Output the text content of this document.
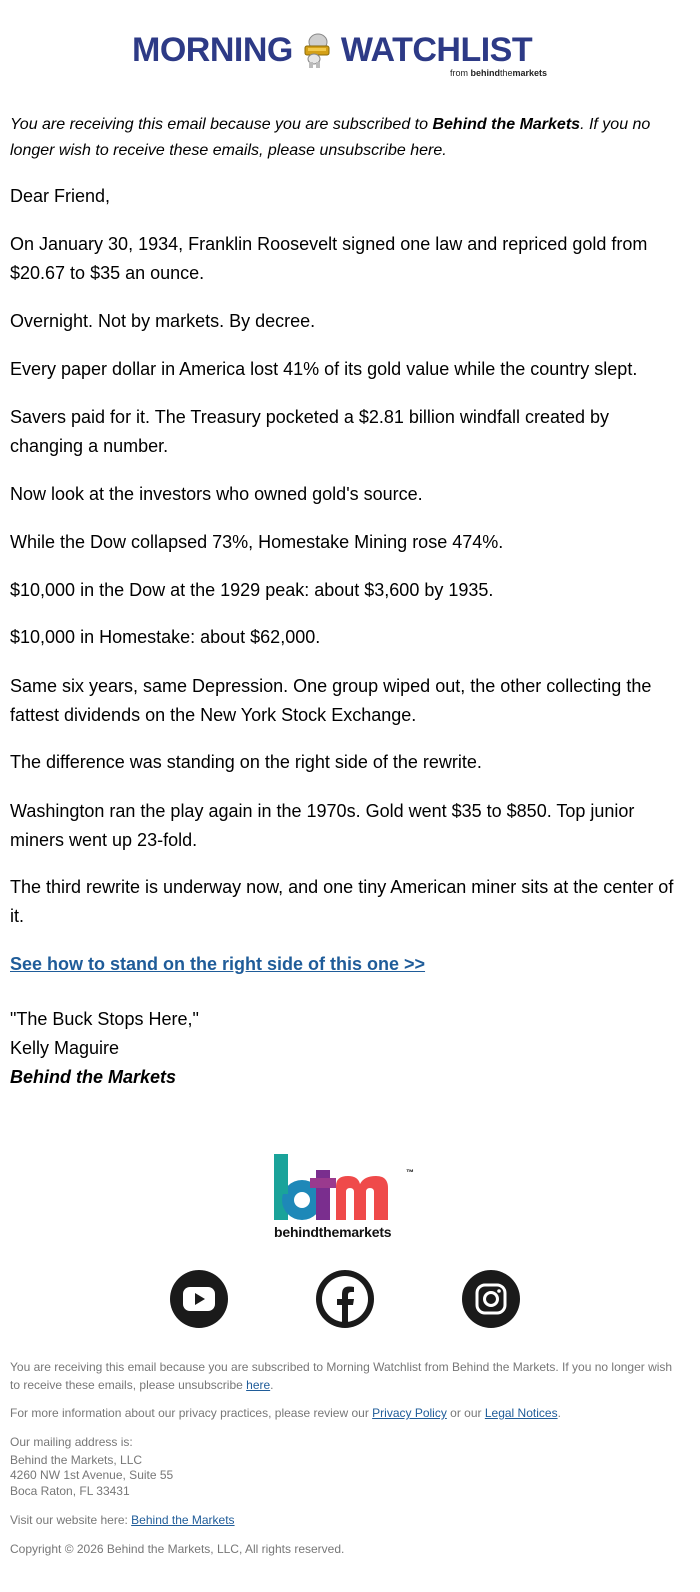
MORNING WATCHLIST
from behindthemarkets

You are receiving this email because you are subscribed to Behind the Markets. If you no longer wish to receive these emails, please unsubscribe here.

Dear Friend,

On January 30, 1934, Franklin Roosevelt signed one law and repriced gold from $20.67 to $35 an ounce.

Overnight. Not by markets. By decree.

Every paper dollar in America lost 41% of its gold value while the country slept.

Savers paid for it. The Treasury pocketed a $2.81 billion windfall created by changing a number.

Now look at the investors who owned gold's source.

While the Dow collapsed 73%, Homestake Mining rose 474%.

$10,000 in the Dow at the 1929 peak: about $3,600 by 1935.

$10,000 in Homestake: about $62,000.

Same six years, same Depression. One group wiped out, the other collecting the fattest dividends on the New York Stock Exchange.

The difference was standing on the right side of the rewrite.

Washington ran the play again in the 1970s. Gold went $35 to $850. Top junior miners went up 23-fold.

The third rewrite is underway now, and one tiny American miner sits at the center of it.

See how to stand on the right side of this one >>

"The Buck Stops Here,"
Kelly Maguire
Behind the Markets
™
behindthemarkets

You are receiving this email because you are subscribed to Morning Watchlist from Behind the Markets. If you no longer wish to receive these emails, please unsubscribe here.

For more information about our privacy practices, please review our Privacy Policy or our Legal Notices.

Our mailing address is:

Behind the Markets, LLC

4260 NW 1st Avenue, Suite 55

Boca Raton, FL 33431

Visit our website here: Behind the Markets

Copyright © 2026 Behind the Markets, LLC, All rights reserved.
